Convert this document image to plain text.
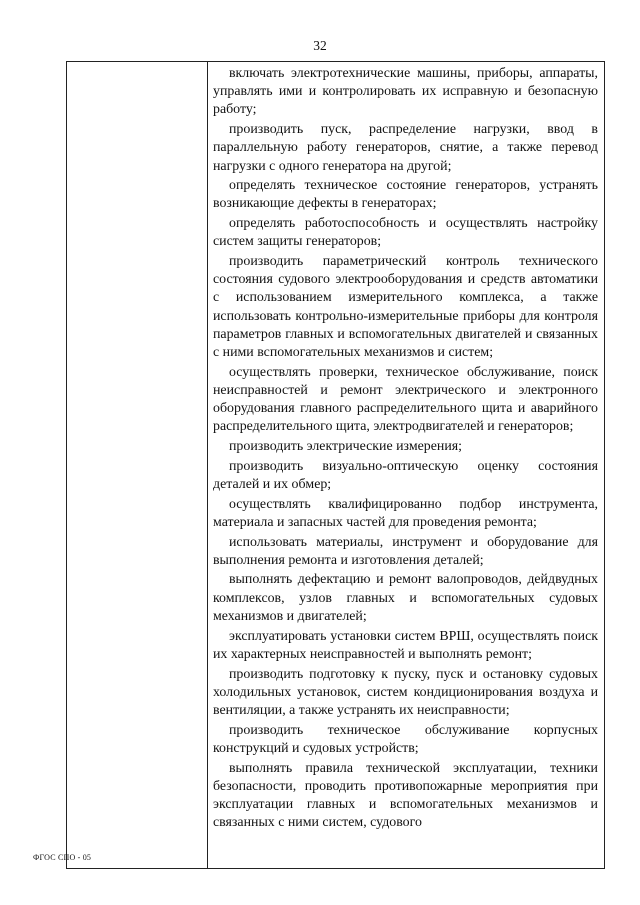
32

включать электротехнические машины, приборы, аппараты, управлять ими и контролировать их исправную и безопасную работу;

производить пуск, распределение нагрузки, ввод в параллельную работу генераторов, снятие, а также перевод нагрузки с одного генератора на другой;

определять техническое состояние генераторов, устранять возникающие дефекты в генераторах;

определять работоспособность и осуществлять настройку систем защиты генераторов;

производить параметрический контроль технического состояния судового электрооборудования и средств автоматики с использованием измерительного комплекса, а также использовать контрольно-измерительные приборы для контроля параметров главных и вспомогательных двигателей и связанных с ними вспомогательных механизмов и систем;

осуществлять проверки, техническое обслуживание, поиск неисправностей и ремонт электрического и электронного оборудования главного распределительного щита и аварийного распределительного щита, электродвигателей и генераторов;

производить электрические измерения;

производить визуально-оптическую оценку состояния деталей и их обмер;

осуществлять квалифицированно подбор инструмента, материала и запасных частей для проведения ремонта;

использовать материалы, инструмент и оборудование для выполнения ремонта и изготовления деталей;

выполнять дефектацию и ремонт валопроводов, дейдвудных комплексов, узлов главных и вспомогательных судовых механизмов и двигателей;

эксплуатировать установки систем ВРШ, осуществлять поиск их характерных неисправностей и выполнять ремонт;

производить подготовку к пуску, пуск и остановку судовых холодильных установок, систем кондиционирования воздуха и вентиляции, а также устранять их неисправности;

производить техническое обслуживание корпусных конструкций и судовых устройств;

выполнять правила технической эксплуатации, техники безопасности, проводить противопожарные мероприятия при эксплуатации главных и вспомогательных механизмов и связанных с ними систем, судового

ФГОС СПО - 05
